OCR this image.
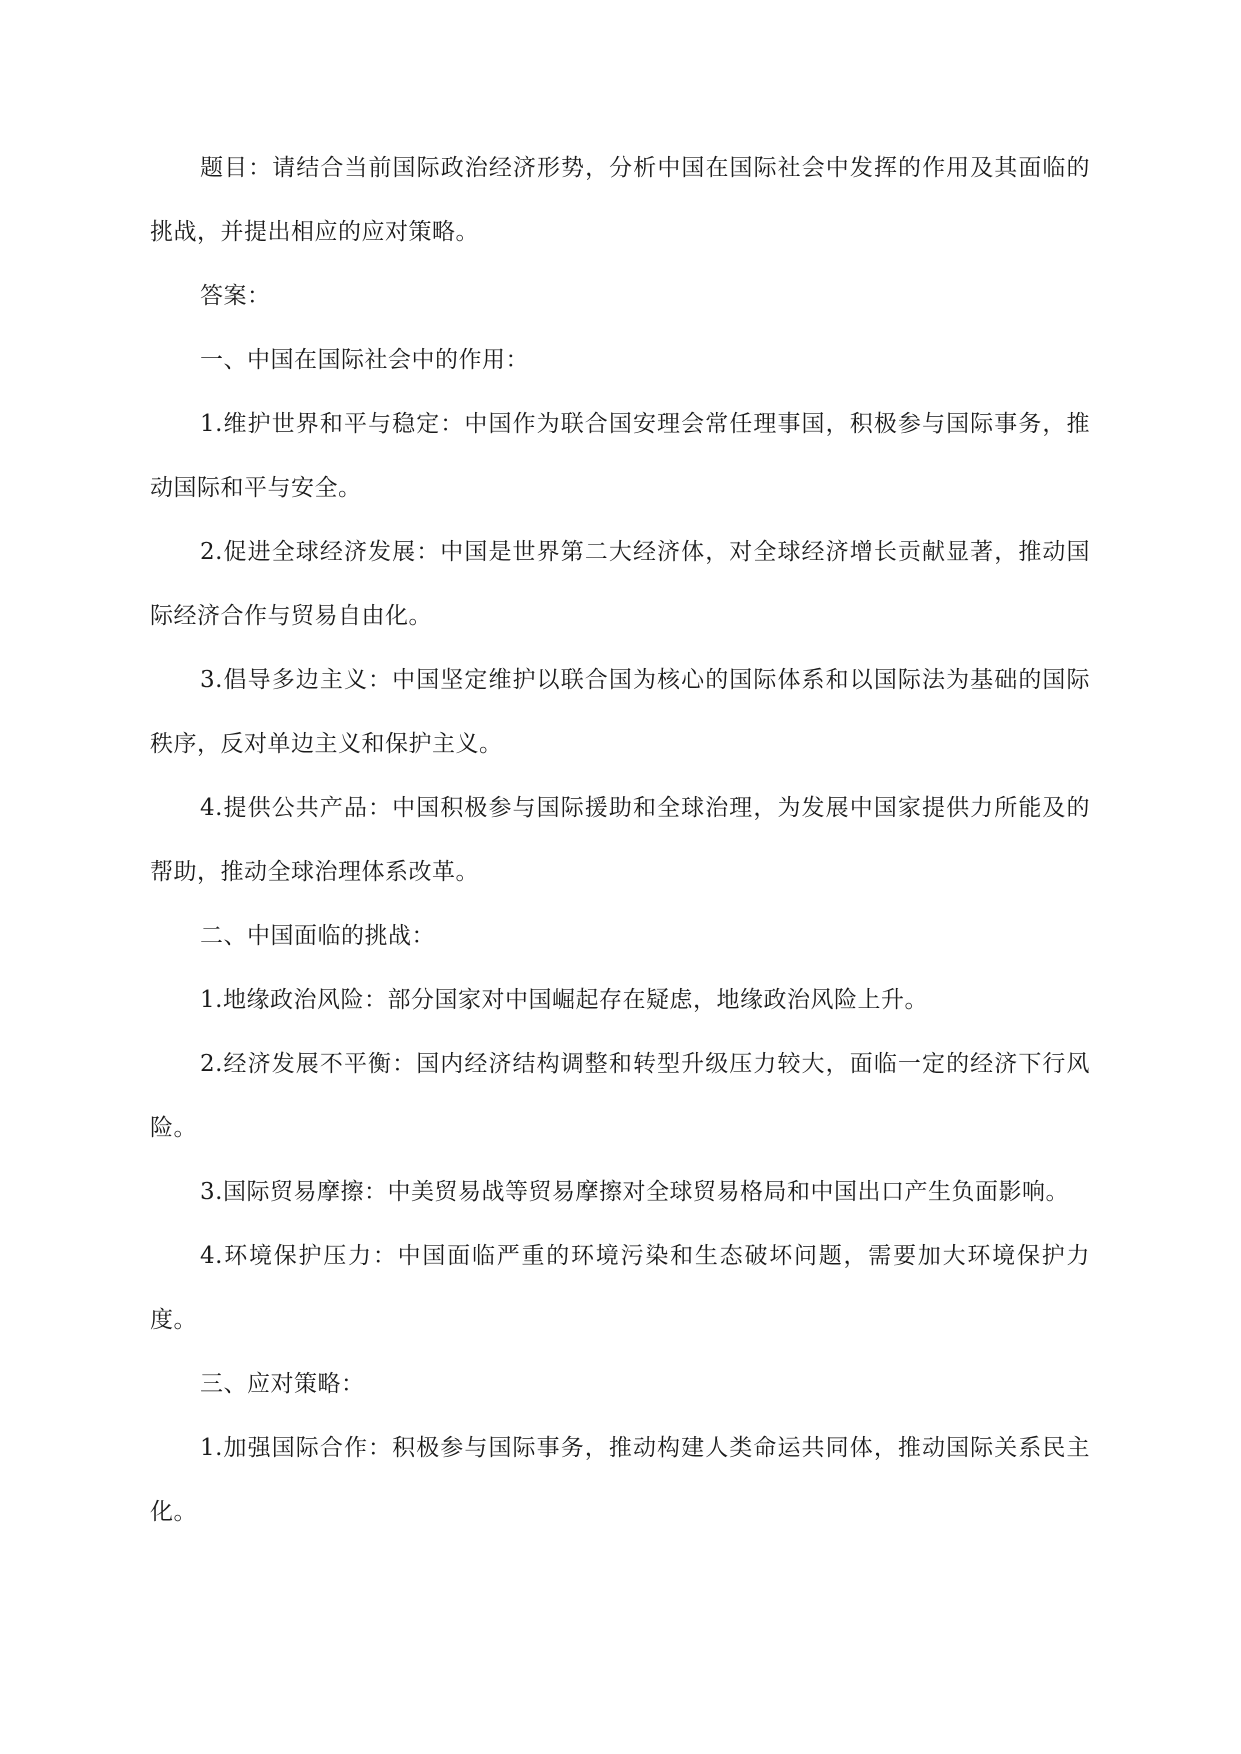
题目：请结合当前国际政治经济形势，分析中国在国际社会中发挥的作用及其面临的挑战，并提出相应的应对策略。

答案：

一、中国在国际社会中的作用：

1.维护世界和平与稳定：中国作为联合国安理会常任理事国，积极参与国际事务，推动国际和平与安全。

2.促进全球经济发展：中国是世界第二大经济体，对全球经济增长贡献显著，推动国际经济合作与贸易自由化。

3.倡导多边主义：中国坚定维护以联合国为核心的国际体系和以国际法为基础的国际秩序，反对单边主义和保护主义。

4.提供公共产品：中国积极参与国际援助和全球治理，为发展中国家提供力所能及的帮助，推动全球治理体系改革。

二、中国面临的挑战：

1.地缘政治风险：部分国家对中国崛起存在疑虑，地缘政治风险上升。

2.经济发展不平衡：国内经济结构调整和转型升级压力较大，面临一定的经济下行风险。

3.国际贸易摩擦：中美贸易战等贸易摩擦对全球贸易格局和中国出口产生负面影响。

4.环境保护压力：中国面临严重的环境污染和生态破坏问题，需要加大环境保护力度。

三、应对策略：

1.加强国际合作：积极参与国际事务，推动构建人类命运共同体，推动国际关系民主化。
